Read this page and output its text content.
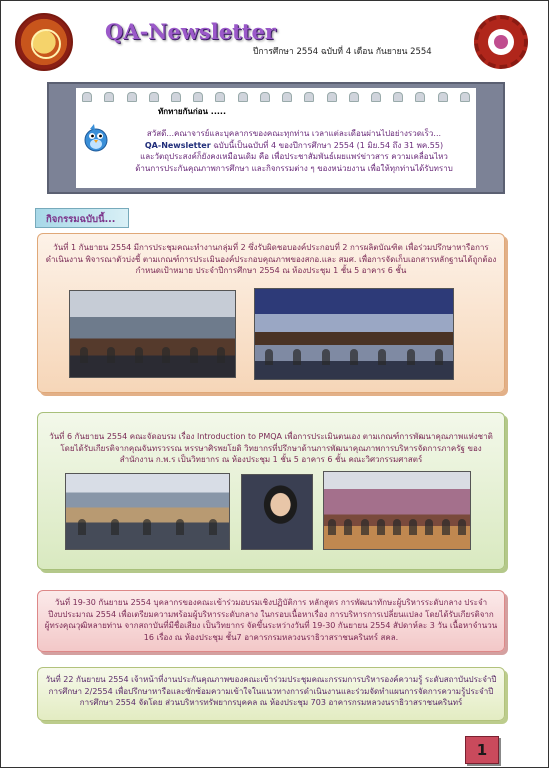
QA-Newsletter
ปีการศึกษา 2554 ฉบับที่ 4 เดือน กันยายน 2554
ทักทายกันก่อน .....
สวัสดี...คณาจารย์และบุคลากรของคณะทุกท่าน เวลาแต่ละเดือนผ่านไปอย่างรวดเร็ว...
QA-Newsletter ฉบับนี้เป็นฉบับที่ 4 ของปีการศึกษา 2554 (1 มิย.54 ถึง 31 พค.55)
และวัตถุประสงค์ก็ยังคงเหมือนเดิม คือ เพื่อประชาสัมพันธ์เผยแพร่ข่าวสาร ความเคลื่อนไหว
ด้านการประกันคุณภาพการศึกษา และกิจกรรมต่าง ๆ ของหน่วยงาน เพื่อให้ทุกท่านได้รับทราบ
กิจกรรมฉบับนี้...
วันที่ 1 กันยายน 2554 มีการประชุมคณะทำงานกลุ่มที่ 2 ซึ่งรับผิดชอบองค์ประกอบที่ 2 การผลิตบัณฑิต เพื่อร่วมปรึกษาหารือการดำเนินงาน พิจารณาตัวบ่งชี้ ตามเกณฑ์การประเมินองค์ประกอบคุณภาพของสกอ.และ สมศ. เพื่อการจัดเก็บเอกสารหลักฐานได้ถูกต้อง กำหนดเป้าหมาย ประจำปีการศึกษา 2554 ณ ห้องประชุม 1 ชั้น 5 อาคาร 6 ชั้น
วันที่ 6 กันยายน 2554 คณะจัดอบรม เรื่อง Introduction to PMQA เพื่อการประเมินตนเอง ตามเกณฑ์การพัฒนาคุณภาพแห่งชาติ โดยได้รับเกียรติจากคุณจันทรวรรณ หรรษาศิรพยโยดิ วิทยากรที่ปรึกษาด้านการพัฒนาคุณภาพการบริหารจัดการภาครัฐ ของสำนักงาน ก.พ.ร เป็นวิทยากร ณ ห้องประชุม 1 ชั้น 5 อาคาร 6 ชั้น คณะวิศวกรรมศาสตร์
วันที่ 19-30 กันยายน 2554 บุคลากรของคณะเข้าร่วมอบรมเชิงปฏิบัติการ หลักสูตร การพัฒนาทักษะผู้บริหารระดับกลาง ประจำปีงบประมาณ 2554 เพื่อเตรียมความพร้อมผู้บริหารระดับกลาง ในกรอบเนื้อหาเรื่อง การบริหารการเปลี่ยนแปลง โดยได้รับเกียรติจาก ผู้ทรงคุณวุฒิหลายท่าน จากสถาบันที่มีชื่อเสียง เป็นวิทยากร จัดขึ้นระหว่างวันที่ 19-30 กันยายน 2554 สัปดาห์ละ 3 วัน เนื้อหาจำนวน 16 เรื่อง ณ ห้องประชุม ชั้น7 อาคารกรมหลวงนราธิวาสราชนครินทร์ สคล.
วันที่ 22 กันยายน 2554 เจ้าหน้าที่งานประกันคุณภาพของคณะเข้าร่วมประชุมคณะกรรมการบริหารองค์ความรู้ ระดับสถาบันประจำปีการศึกษา 2/2554 เพื่อปรึกษาหารือและซักซ้อมความเข้าใจในแนวทางการดำเนินงานและร่วมจัดทำแผนการจัดการความรู้ประจำปีการศึกษา 2554 จัดโดย ส่วนบริหารทรัพยากรบุคคล ณ ห้องประชุม 703 อาคารกรมหลวงนราธิวาสราชนครินทร์
1
